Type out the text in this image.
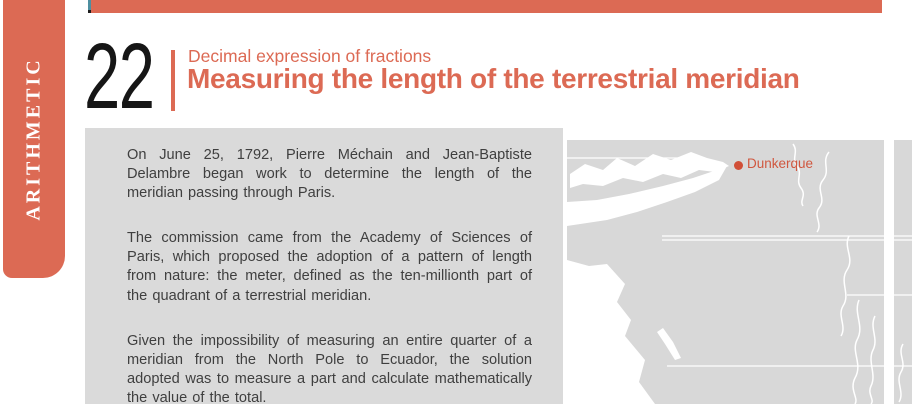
ARITHMETIC 22 Decimal expression of fractions
Measuring the length of the terrestrial meridian

On June 25, 1792, Pierre Méchain and Jean-Baptiste Delambre began work to determine the length of the meridian passing through Paris.

The commission came from the Academy of Sciences of Paris, which proposed the adoption of a pattern of length from nature: the meter, defined as the ten-millionth part of the quadrant of a terrestrial meridian.

Given the impossibility of measuring an entire quarter of a meridian from the North Pole to Ecuador, the solution adopted was to measure a part and calculate mathematically the value of the total.

Dunkerque
